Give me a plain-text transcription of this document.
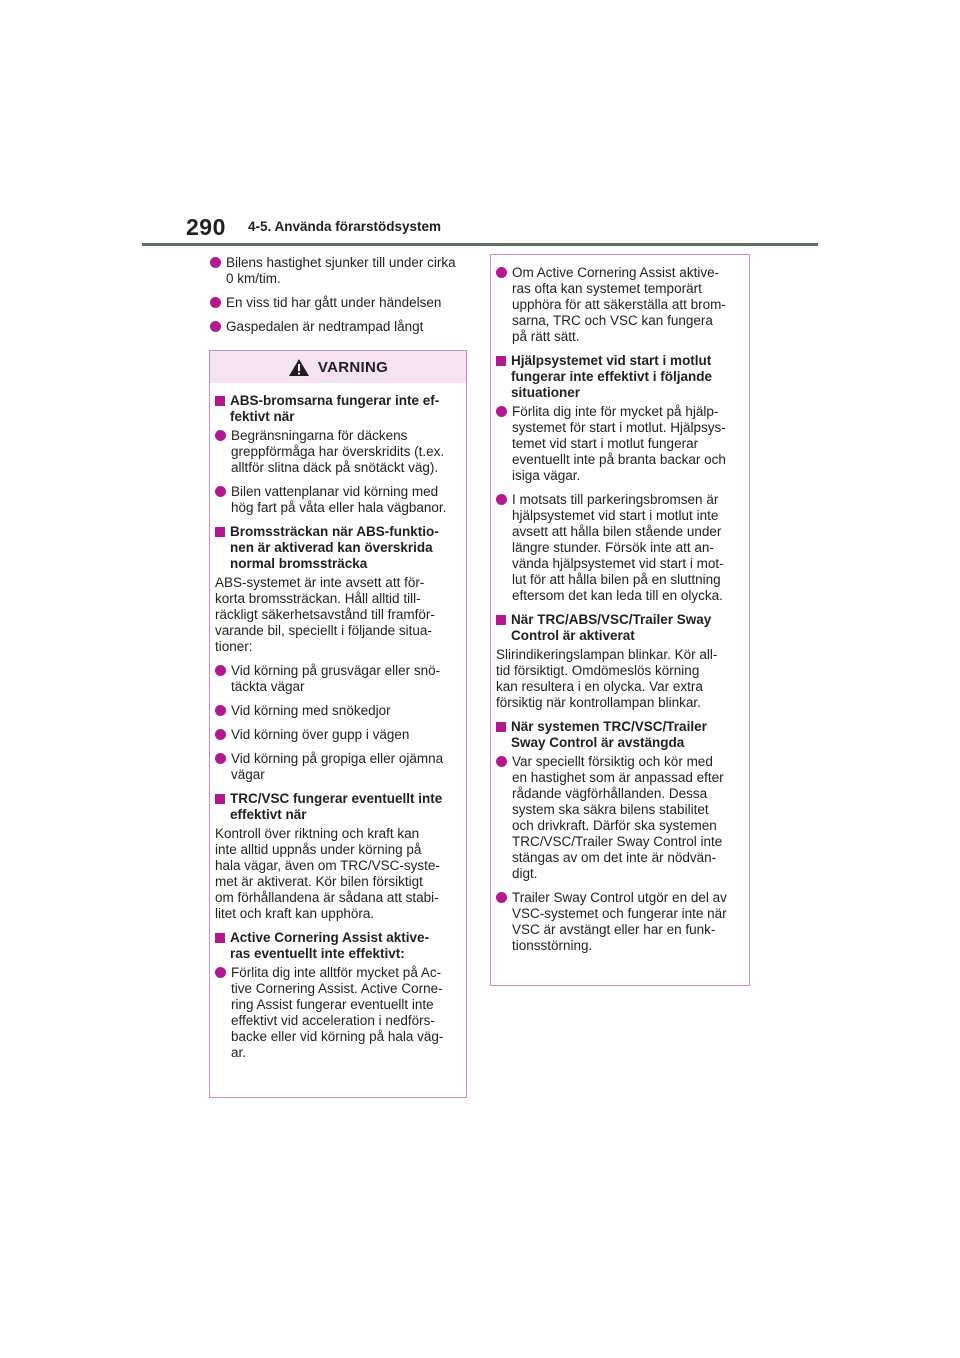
290 4-5. Använda förarstödsystem
Bilens hastighet sjunker till under cirka
0 km/tim.
En viss tid har gått under händelsen
Gaspedalen är nedtrampad långt
VARNING
ABS-bromsarna fungerar inte ef-
fektivt när
Begränsningarna för däckens
greppförmåga har överskridits (t.ex.
alltför slitna däck på snötäckt väg).
Bilen vattenplanar vid körning med
hög fart på våta eller hala vägbanor.
Bromssträckan när ABS-funktio-
nen är aktiverad kan överskrida
normal bromssträcka
ABS-systemet är inte avsett att för-
korta bromssträckan. Håll alltid till-
räckligt säkerhetsavstånd till framför-
varande bil, speciellt i följande situa-
tioner:
Vid körning på grusvägar eller snö-
täckta vägar
Vid körning med snökedjor
Vid körning över gupp i vägen
Vid körning på gropiga eller ojämna
vägar
TRC/VSC fungerar eventuellt inte
effektivt när
Kontroll över riktning och kraft kan
inte alltid uppnås under körning på
hala vägar, även om TRC/VSC-syste-
met är aktiverat. Kör bilen försiktigt
om förhållandena är sådana att stabi-
litet och kraft kan upphöra.
Active Cornering Assist aktive-
ras eventuellt inte effektivt:
Förlita dig inte alltför mycket på Ac-
tive Cornering Assist. Active Corne-
ring Assist fungerar eventuellt inte
effektivt vid acceleration i nedförs-
backe eller vid körning på hala väg-
ar.
Om Active Cornering Assist aktive-
ras ofta kan systemet temporärt
upphöra för att säkerställa att brom-
sarna, TRC och VSC kan fungera
på rätt sätt.
Hjälpsystemet vid start i motlut
fungerar inte effektivt i följande
situationer
Förlita dig inte för mycket på hjälp-
systemet för start i motlut. Hjälpsys-
temet vid start i motlut fungerar
eventuellt inte på branta backar och
isiga vägar.
I motsats till parkeringsbromsen är
hjälpsystemet vid start i motlut inte
avsett att hålla bilen stående under
längre stunder. Försök inte att an-
vända hjälpsystemet vid start i mot-
lut för att hålla bilen på en sluttning
eftersom det kan leda till en olycka.
När TRC/ABS/VSC/Trailer Sway
Control är aktiverat
Slirindikeringslampan blinkar. Kör all-
tid försiktigt. Omdömeslös körning
kan resultera i en olycka. Var extra
försiktig när kontrollampan blinkar.
När systemen TRC/VSC/Trailer
Sway Control är avstängda
Var speciellt försiktig och kör med
en hastighet som är anpassad efter
rådande vägförhållanden. Dessa
system ska säkra bilens stabilitet
och drivkraft. Därför ska systemen
TRC/VSC/Trailer Sway Control inte
stängas av om det inte är nödvän-
digt.
Trailer Sway Control utgör en del av
VSC-systemet och fungerar inte när
VSC är avstängt eller har en funk-
tionsstörning.
